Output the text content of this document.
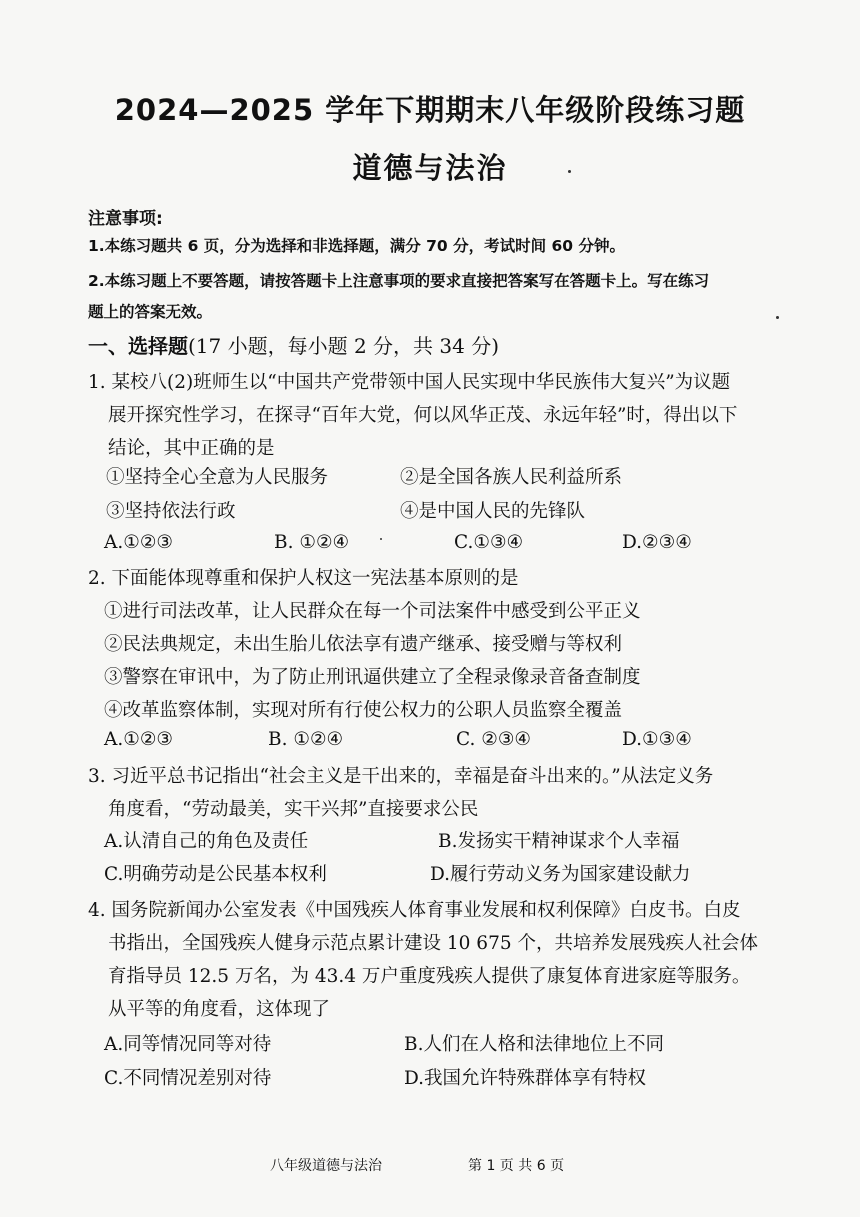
2024—2025 学年下期期末八年级阶段练习题
道德与法治
注意事项:
1.本练习题共 6 页，分为选择和非选择题，满分 70 分，考试时间 60 分钟。
2.本练习题上不要答题，请按答题卡上注意事项的要求直接把答案写在答题卡上。写在练习
题上的答案无效。
一、选择题(17 小题，每小题 2 分，共 34 分)
1. 某校八(2)班师生以“中国共产党带领中国人民实现中华民族伟大复兴”为议题
展开探究性学习，在探寻“百年大党，何以风华正茂、永远年轻”时，得出以下
结论，其中正确的是
①坚持全心全意为人民服务	②是全国各族人民利益所系
③坚持依法行政	④是中国人民的先锋队
A.①②③	B. ①②④	C.①③④	D.②③④
2. 下面能体现尊重和保护人权这一宪法基本原则的是
①进行司法改革，让人民群众在每一个司法案件中感受到公平正义
②民法典规定，未出生胎儿依法享有遗产继承、接受赠与等权利
③警察在审讯中，为了防止刑讯逼供建立了全程录像录音备查制度
④改革监察体制，实现对所有行使公权力的公职人员监察全覆盖
A.①②③	B. ①②④	C. ②③④	D.①③④
3. 习近平总书记指出“社会主义是干出来的，幸福是奋斗出来的。”从法定义务
角度看，“劳动最美，实干兴邦”直接要求公民
A.认清自己的角色及责任	B.发扬实干精神谋求个人幸福
C.明确劳动是公民基本权利	D.履行劳动义务为国家建设献力
4. 国务院新闻办公室发表《中国残疾人体育事业发展和权利保障》白皮书。白皮
书指出，全国残疾人健身示范点累计建设 10 675 个，共培养发展残疾人社会体
育指导员 12.5 万名，为 43.4 万户重度残疾人提供了康复体育进家庭等服务。
从平等的角度看，这体现了
A.同等情况同等对待	B.人们在人格和法律地位上不同
C.不同情况差别对待	D.我国允许特殊群体享有特权
八年级道德与法治	第 1 页 共 6 页
